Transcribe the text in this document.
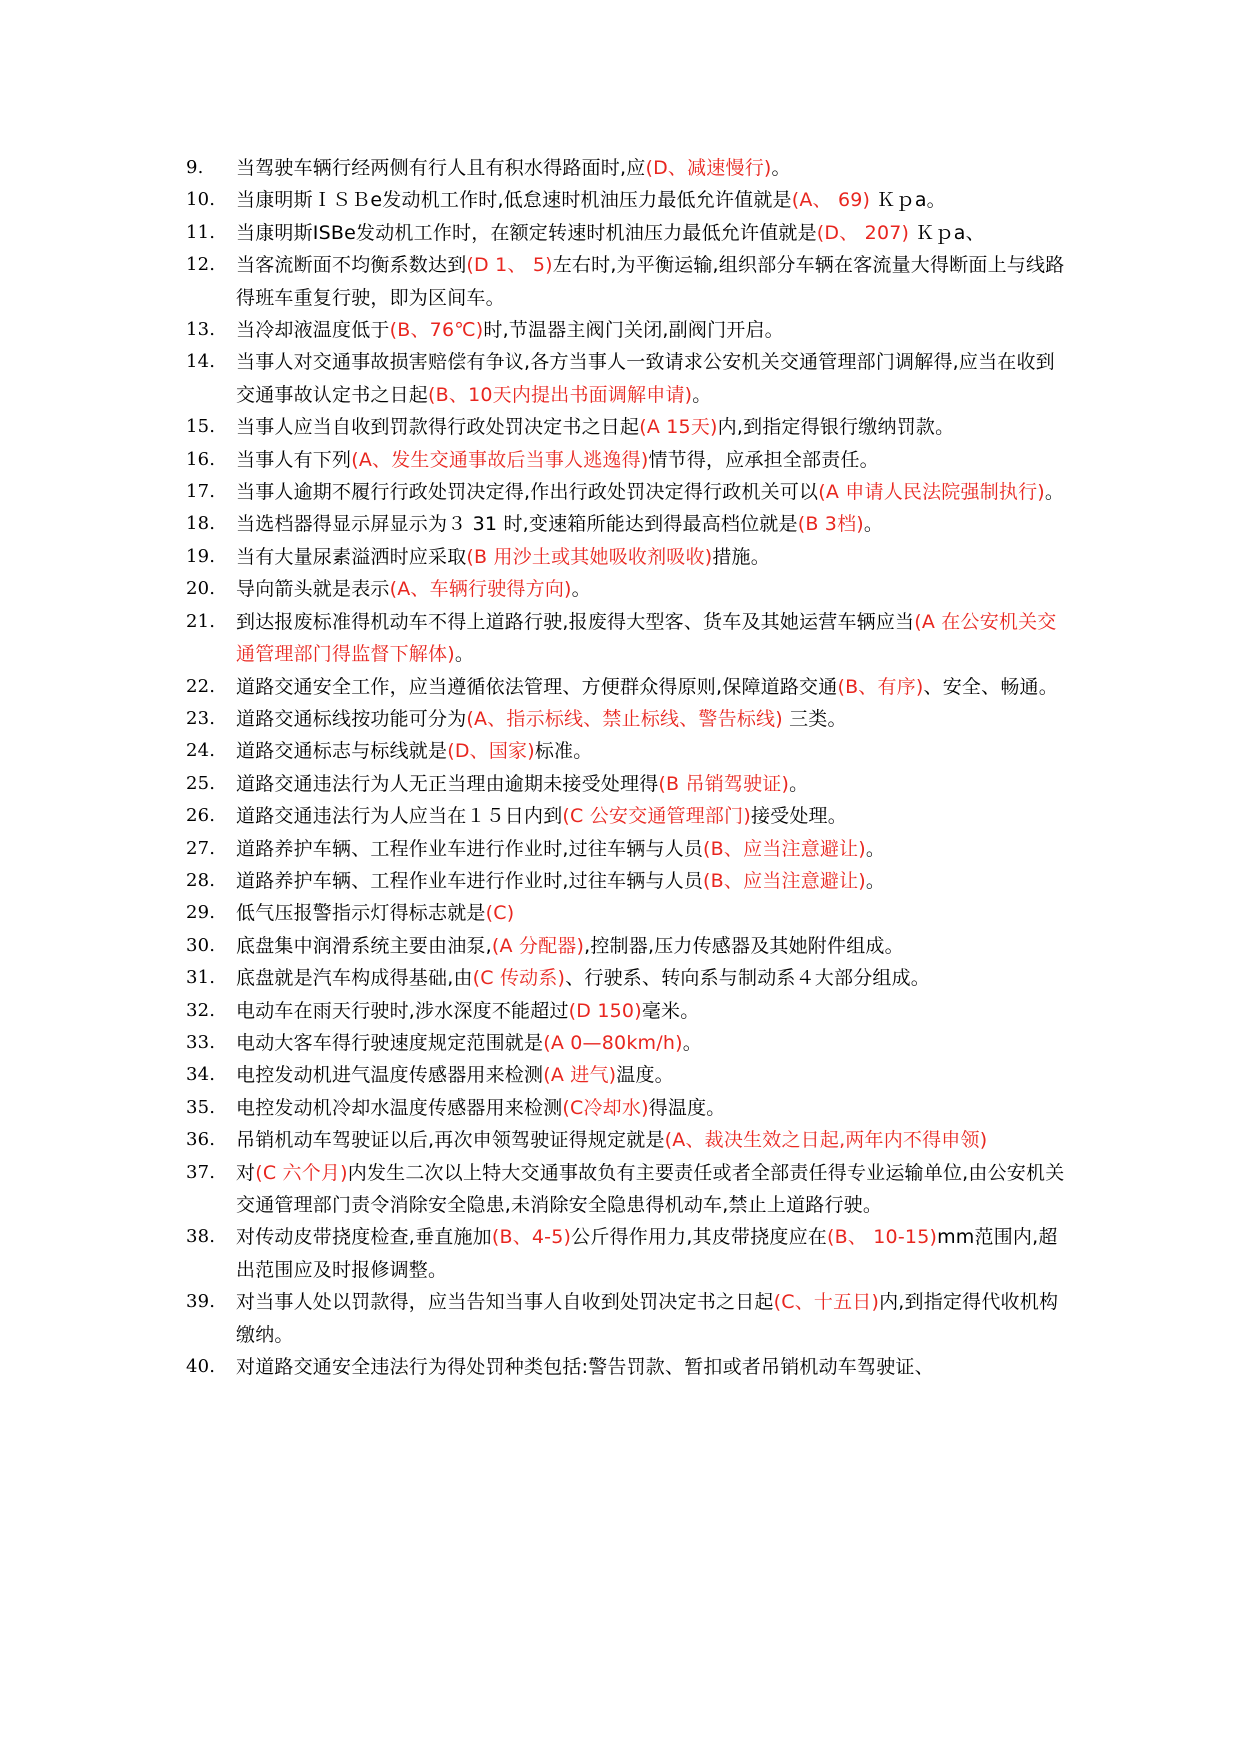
9.	当驾驶车辆行经两侧有行人且有积水得路面时,应(D、减速慢行)。
10.	当康明斯ＩＳＢe发动机工作时,低怠速时机油压力最低允许值就是(A、 69) Ｋｐa。
11.	当康明斯ISBe发动机工作时，在额定转速时机油压力最低允许值就是(D、 207) Ｋｐa、
12.	当客流断面不均衡系数达到(D 1、 5)左右时,为平衡运输,组织部分车辆在客流量大得断面上与线路得班车重复行驶，即为区间车。
13.	当冷却液温度低于(B、76℃)时,节温器主阀门关闭,副阀门开启。
14.	当事人对交通事故损害赔偿有争议,各方当事人一致请求公安机关交通管理部门调解得,应当在收到交通事故认定书之日起(B、10天内提出书面调解申请)。
15.	当事人应当自收到罚款得行政处罚决定书之日起(A 15天)内,到指定得银行缴纳罚款。
16.	当事人有下列(A、发生交通事故后当事人逃逸得)情节得，应承担全部责任。
17.	当事人逾期不履行行政处罚决定得,作出行政处罚决定得行政机关可以(A 申请人民法院强制执行)。
18.	当选档器得显示屏显示为３ 31 时,变速箱所能达到得最高档位就是(B 3档)。
19.	当有大量尿素溢洒时应采取(B 用沙土或其她吸收剂吸收)措施。
20.	导向箭头就是表示(A、车辆行驶得方向)。
21.	到达报废标准得机动车不得上道路行驶,报废得大型客、货车及其她运营车辆应当(A 在公安机关交通管理部门得监督下解体)。
22.	道路交通安全工作，应当遵循依法管理、方便群众得原则,保障道路交通(B、有序)、安全、畅通。
23.	道路交通标线按功能可分为(A、指示标线、禁止标线、警告标线) 三类。
24.	道路交通标志与标线就是(D、国家)标准。
25.	道路交通违法行为人无正当理由逾期未接受处理得(B 吊销驾驶证)。
26.	道路交通违法行为人应当在１５日内到(C 公安交通管理部门)接受处理。
27.	道路养护车辆、工程作业车进行作业时,过往车辆与人员(B、应当注意避让)。
28.	道路养护车辆、工程作业车进行作业时,过往车辆与人员(B、应当注意避让)。
29.	低气压报警指示灯得标志就是(C)
30.	底盘集中润滑系统主要由油泵,(A 分配器),控制器,压力传感器及其她附件组成。
31.	底盘就是汽车构成得基础,由(C 传动系)、行驶系、转向系与制动系４大部分组成。
32.	电动车在雨天行驶时,涉水深度不能超过(D 150)毫米。
33.	电动大客车得行驶速度规定范围就是(A 0—80km/h)。
34.	电控发动机进气温度传感器用来检测(A 进气)温度。
35.	电控发动机冷却水温度传感器用来检测(C冷却水)得温度。
36.	吊销机动车驾驶证以后,再次申领驾驶证得规定就是(A、裁决生效之日起,两年内不得申领)
37.	对(C 六个月)内发生二次以上特大交通事故负有主要责任或者全部责任得专业运输单位,由公安机关交通管理部门责令消除安全隐患,未消除安全隐患得机动车,禁止上道路行驶。
38.	对传动皮带挠度检查,垂直施加(B、4-5)公斤得作用力,其皮带挠度应在(B、 10-15)mm范围内,超出范围应及时报修调整。
39.	对当事人处以罚款得，应当告知当事人自收到处罚决定书之日起(C、十五日)内,到指定得代收机构缴纳。
40.	对道路交通安全违法行为得处罚种类包括:警告罚款、暂扣或者吊销机动车驾驶证、
